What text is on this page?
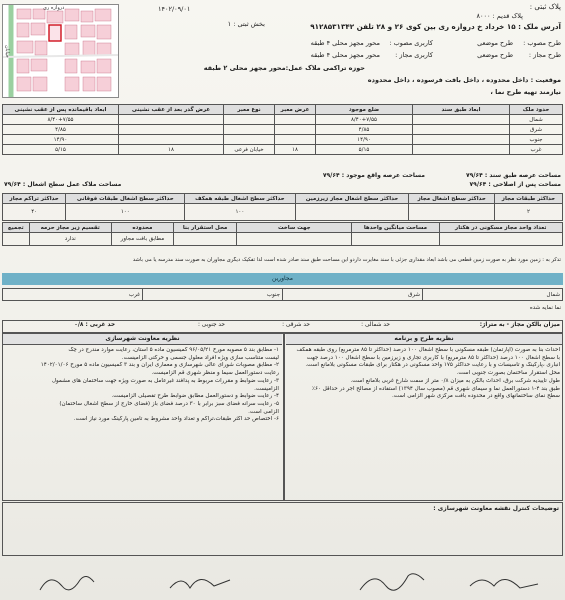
دروازه ری
خیابان
پلاک ثبتی :
۱۴۰۲/۰۹/۰۱
پلاک قدیم : ۸۰۰۰
بخش ثبتی : ۱	آدرس ملک : ۱۵ خرداد خ دروازه ری بین کوی ۲۶ و ۲۸ تلفن ۹۱۲۸۵۳۱۳۴۲
طرح مصوب :
طرح موضعی
کاربری مصوب :
محور مجهز محلی ۴ طبقه
طرح مجاز :
طرح موضعی
کاربری مجاز :
محور مجهز محلی ۴ طبقه
حوزه تراکمی ملاک عمل:محور مجهز محلی ۲ طبقه
موقعیت : داخل محدوده ، داخل بافت فرسوده ، داخل محدوده
نیازمند تهیه طرح نما ،
حدود ملک	ابعاد طبق سند	ضلع موجود	عرض معبر	نوع معبر	عرض گذر بعد از عقب نشینی	ابعاد باقیمانده پس از عقب نشینی
شمال		۸/۴۰+۷/۵۵				۸/۴۰+۷/۵۵
شرق		۴/۸۵				۴/۸۵
جنوب		۱۴/۹۰				۱۴/۹۰
غرب		۵/۱۵	۱۸	خیابان فرعی	۱۸	۵/۱۵
مساحت عرصه طبق سند : ۷۹/۶۴
مساحت عرصه واقع موجود : ۷۹/۶۴
مساحت پس از اصلاحی : ۷۹/۶۴
مساحت ملاک عمل سطح اشغال : ۷۹/۶۴
حداکثر طبقات مجاز	حداکثر سطح اشغال مجاز	حداکثر سطح اشغال مجاز زیرزمین	حداکثر سطح اشغال طبقه همکف	حداکثر سطح اشغال طبقات فوقانی	حداکثر تراکم مجاز
۲			۱۰۰	۱۰۰	۴۰
تعداد واحد مجاز مسکونی در هکتار	مساحت میانگین واحدها	جهت ساخت	محل استقرار بنا	محدوده	تقسیم زیر مجاز حرمه	تجمیع
				مطابق بافت مجاور	ندارد	
تذکر به : زمین مورد نظر به صورت زمین قطعی می باشد ابعاد مقداری جزئی با سند مغایرت داردو این مساحت طبق سند صادر شده است لذا تفکیک دیگری مجاوران به صورت سند مدرسه یا می باشد
مجاورین
شمال	شرق	جنوب	غرب
نما نمایه شده
میزان بالکن مجاز - به متراژ:
حد شمالی :
حد شرقی :
حد جنوبی :
حد غربی : ۰/۸
نظریه طرح و برنامه
احداث بنا به صورت (آپارتمان) طبقه مسکونی با سطح اشغال ۱۰۰ درصد (حداکثر تا ۸۵ مترمربع) روی طبقه همکف
با سطح اشغال ۱۰۰ درصد (حداکثر تا ۸۵ مترمربع) با کاربری تجاری و زیرزمین با سطح اشغال ۱۰۰ درصد جهت
انباری ،پارکینگ و تاسیسات و با رعایت حداکثر ۱۷۵ واحد مسکونی در هکتار برای طبقات مسکونی بلامانع است.
محل استقرار ساختمان بصورت جنوبی است.
طول تاییدیه شرکت برق، احداث بالکن به میزان ۰/۸ متر از سمت شارع غربی بلامانع است.
طبق بند ۴-۱ دستورالعمل نما و سیمای شهری قم (مصوب سال ۱۳۹۴) استفاده از مصالح آجر در حداقل ۶۰٪
سطح نمای ساختمانهای واقع در محدوده بافت مرکزی شهر الزامی است.
نظریه معاونت شهرسازی
۱- مطابق بند ۵ مصوبه مورخ ۹۶/۰۵/۲۱ کمیسیون ماده ۵ استان، رعایت موارد مندرج در چک
لیست متناسب سازی ویژه افراد معلول جسمی و حرکتی الزامیست.
۲- مطابق مصوبات شورای عالی شهرسازی و معماری ایران و بند ۳ کمیسیون ماده ۵ مورخ ۱۴۰۲/۰۱/۰۶
رعایت دستورالعمل سیما و منظر شهری قم الزامیست.
۳- رعایت ضوابط و مقررات مربوط به پدافند غیرعامل به صورت ویژه جهت ساختمان های مشمول
الزامیست.
۴- رعایت ضوابط و دستورالعمل مطابق ضوابط طرح تفصیلی الزامیست.
۵- رعایت سرانه فضای سبز برابر با ۳۰ درصد فضای باز (فضای خارج از سطح اشغال ساختمان)
الزامی است.
۶- اختصاص حد اکثر طبقات،تراکم و تعداد واحد مشروط به تامین پارکینگ مورد نیاز است.
توضیحات کنترل نقشه معاونت شهرسازی :
